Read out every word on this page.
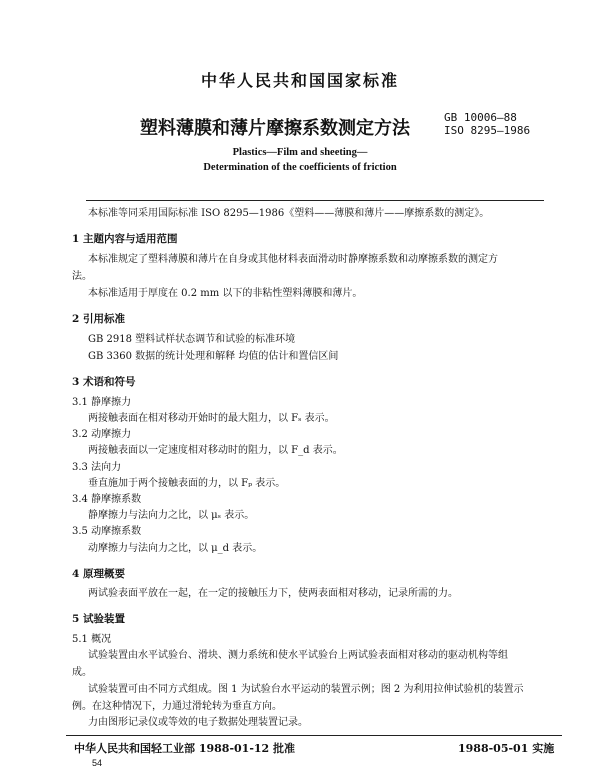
中华人民共和国国家标准
塑料薄膜和薄片摩擦系数测定方法
GB 10006—88
ISO 8295—1986
Plastics—Film and sheeting—
Determination of the coefficients of friction
本标准等同采用国际标准 ISO 8295—1986《塑料——薄膜和薄片——摩擦系数的测定》。
1 主题内容与适用范围
本标准规定了塑料薄膜和薄片在自身或其他材料表面滑动时静摩擦系数和动摩擦系数的测定方
法。
本标准适用于厚度在 0.2 mm 以下的非粘性塑料薄膜和薄片。
2 引用标准
GB 2918 塑料试样状态调节和试验的标准环境
GB 3360 数据的统计处理和解释 均值的估计和置信区间
3 术语和符号
3.1 静摩擦力
两接触表面在相对移动开始时的最大阻力，以 Fₛ 表示。
3.2 动摩擦力
两接触表面以一定速度相对移动时的阻力，以 F_d 表示。
3.3 法向力
垂直施加于两个接触表面的力，以 Fₚ 表示。
3.4 静摩擦系数
静摩擦力与法向力之比，以 μₛ 表示。
3.5 动摩擦系数
动摩擦力与法向力之比，以 μ_d 表示。
4 原理概要
两试验表面平放在一起，在一定的接触压力下，使两表面相对移动，记录所需的力。
5 试验装置
5.1 概况
试验装置由水平试验台、滑块、测力系统和使水平试验台上两试验表面相对移动的驱动机构等组
成。
试验装置可由不同方式组成。图 1 为试验台水平运动的装置示例；图 2 为利用拉伸试验机的装置示
例。在这种情况下，力通过滑轮转为垂直方向。
力由图形记录仪或等效的电子数据处理装置记录。
中华人民共和国轻工业部 1988-01-12 批准	1988-05-01 实施
54
